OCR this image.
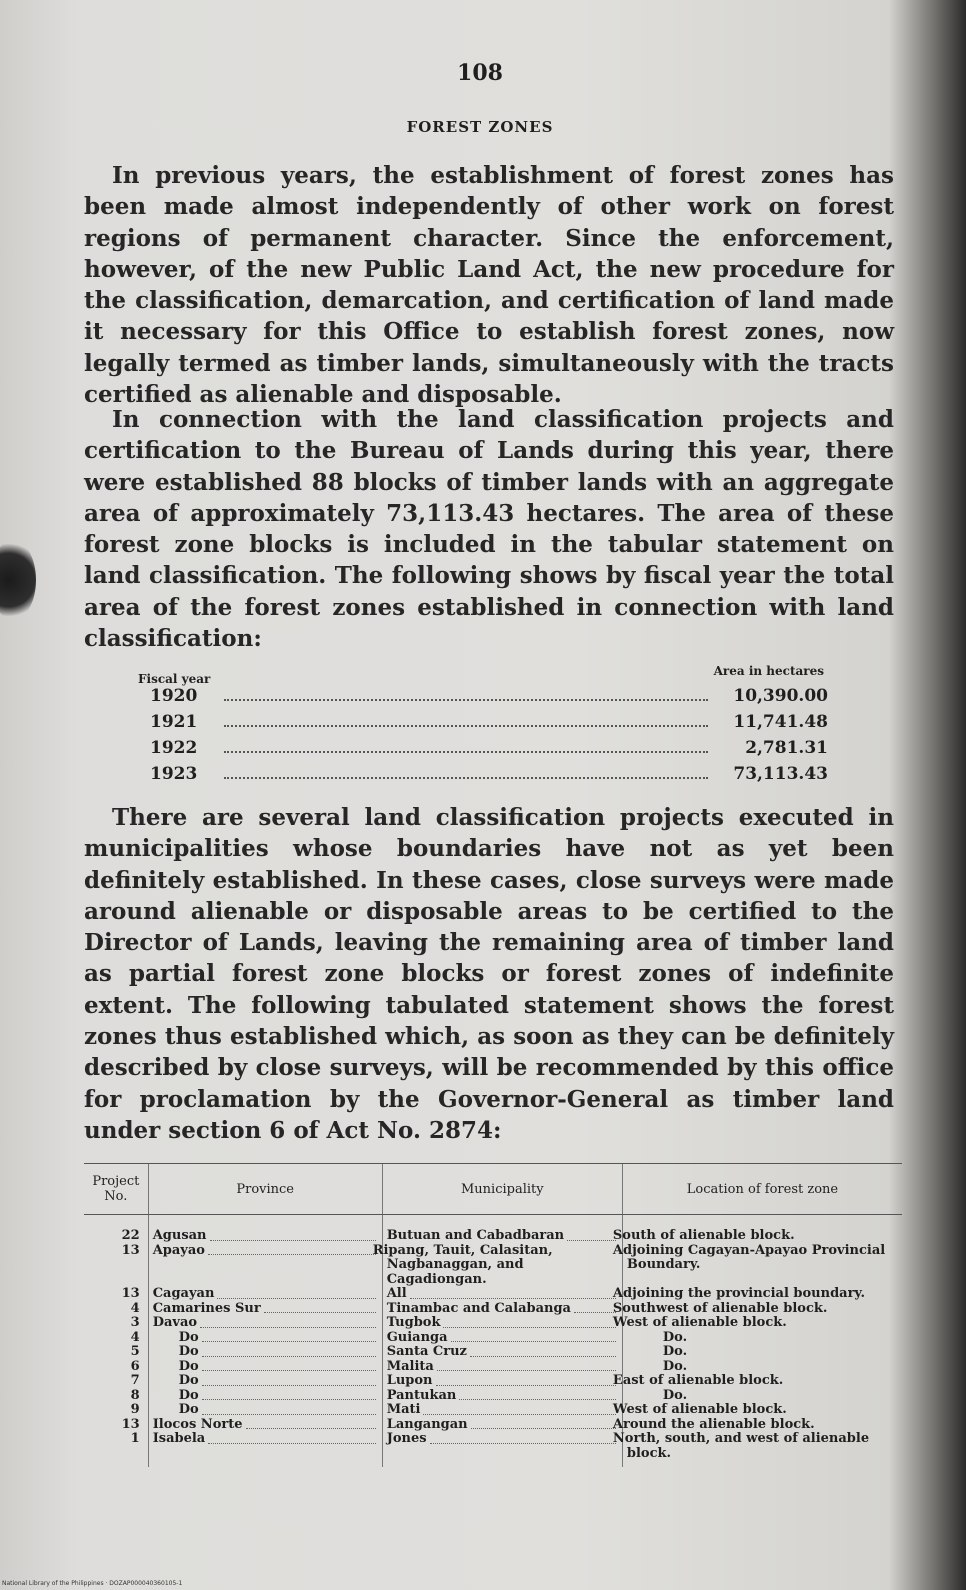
108
FOREST ZONES

In previous years, the establishment of forest zones has been made almost independently of other work on forest regions of permanent character. Since the enforcement, however, of the new Public Land Act, the new procedure for the classification, demarcation, and certification of land made it necessary for this Office to establish forest zones, now legally termed as timber lands, simultaneously with the tracts certified as alienable and disposable.

In connection with the land classification projects and certification to the Bureau of Lands during this year, there were established 88 blocks of timber lands with an aggregate area of approximately 73,113.43 hectares. The area of these forest zone blocks is included in the tabular statement on land classification. The following shows by fiscal year the total area of the forest zones established in connection with land classification:

Fiscal year
Area in hectares
1920	10,390.00
1921	11,741.48
1922	2,781.31
1923	73,113.43

There are several land classification projects executed in municipalities whose boundaries have not as yet been definitely established. In these cases, close surveys were made around alienable or disposable areas to be certified to the Director of Lands, leaving the remaining area of timber land as partial forest zone blocks or forest zones of indefinite extent. The following tabulated statement shows the forest zones thus established which, as soon as they can be definitely described by close surveys, will be recommended by this office for proclamation by the Governor-General as timber land under section 6 of Act No. 2874:

Project No.	Province	Municipality	Location of forest zone
22	Agusan	Butuan and Cabadbaran	South of alienable block.
13	Apayao	Ripang, Tauit, Calasitan, Nagbanaggan, and Cagadiongan.	Adjoining Cagayan-Apayao Provincial Boundary.
13	Cagayan	All	Adjoining the provincial boundary.
4	Camarines Sur	Tinambac and Calabanga	Southwest of alienable block.
3	Davao	Tugbok	West of alienable block.
4	Do	Guianga	Do.
5	Do	Santa Cruz	Do.
6	Do	Malita	Do.
7	Do	Lupon	East of alienable block.
8	Do	Pantukan	Do.
9	Do	Mati	West of alienable block.
13	Ilocos Norte	Langangan	Around the alienable block.
1	Isabela	Jones	North, south, and west of alienable block.
National Library of the Philippines · DOZAP000040360105-1
